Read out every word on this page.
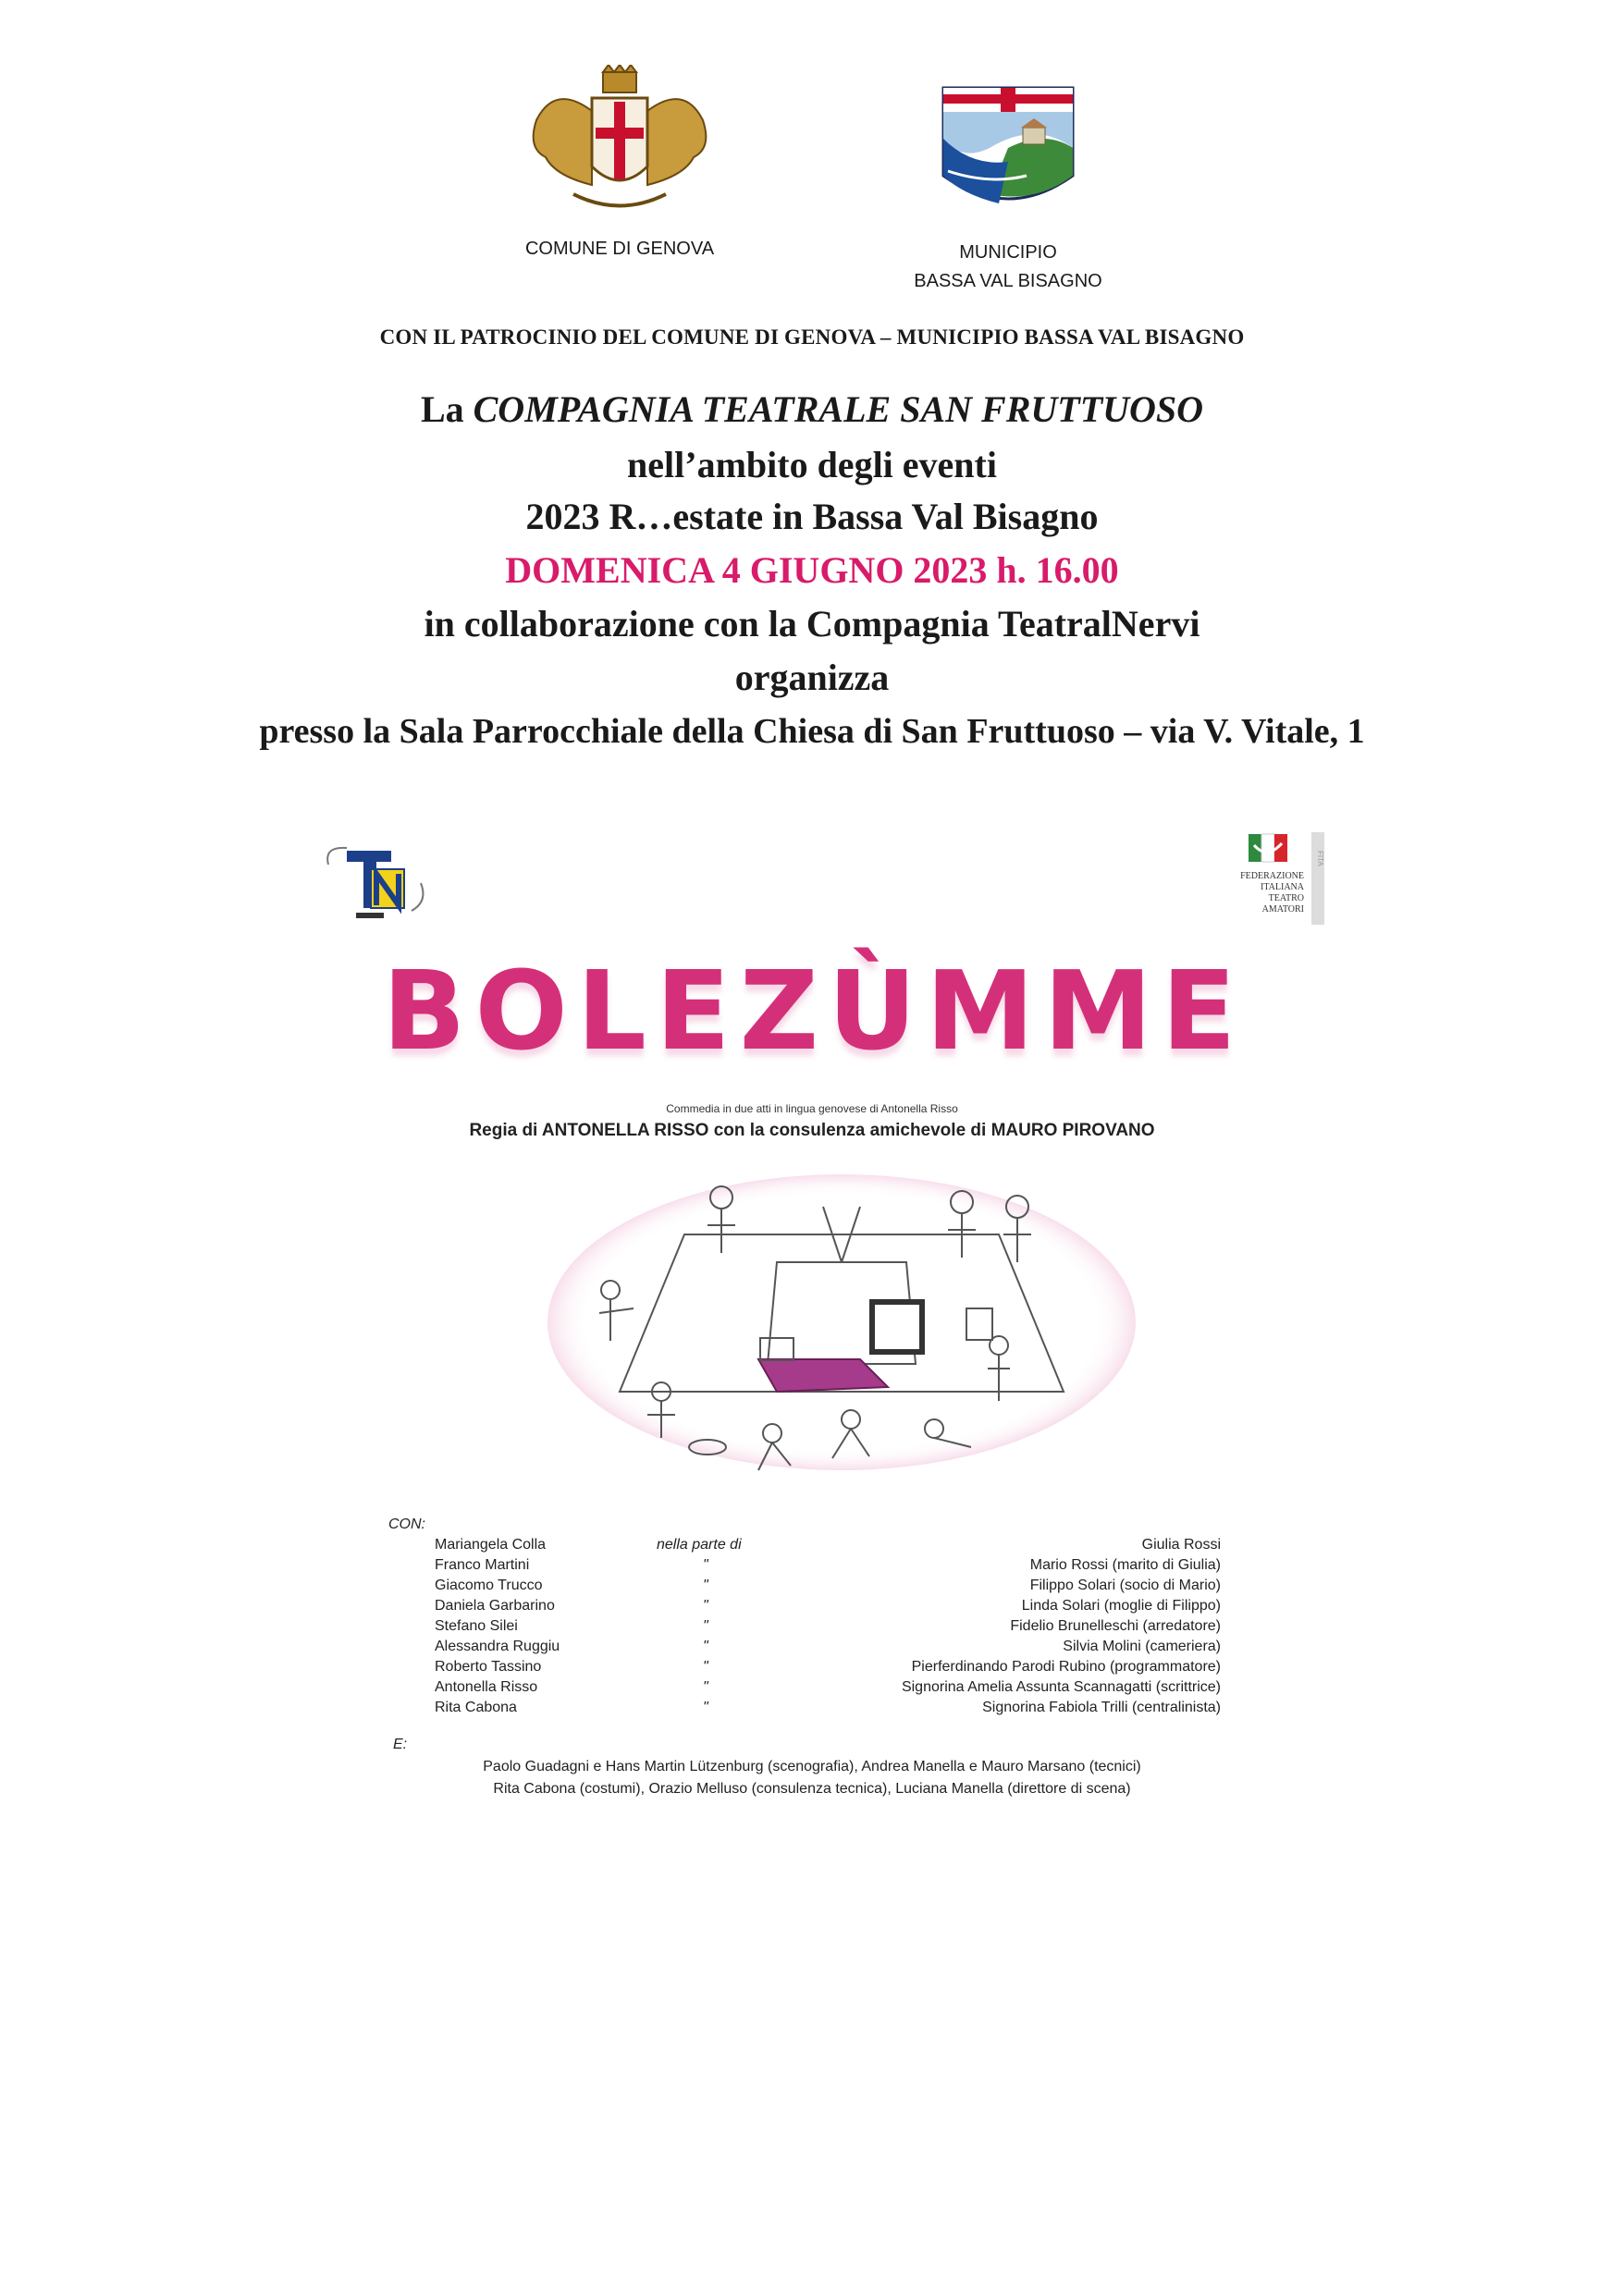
COMUNE DI GENOVA	MUNICIPIO
BASSA VAL BISAGNO
CON IL PATROCINIO DEL COMUNE DI GENOVA – MUNICIPIO BASSA VAL BISAGNO
La COMPAGNIA TEATRALE SAN FRUTTUOSO
nell’ambito degli eventi
2023 R…estate in Bassa Val Bisagno
DOMENICA 4 GIUGNO 2023 h. 16.00
in collaborazione con la Compagnia TeatralNervi
organizza
presso la Sala Parrocchiale della Chiesa di San Fruttuoso – via V. Vitale, 1
FITA
FEDERAZIONE
ITALIANA
TEATRO
AMATORI
BOLEZÙMME
Commedia in due atti in lingua genovese di Antonella Risso
Regia di ANTONELLA RISSO con la consulenza amichevole di MAURO PIROVANO
CON:
Mariangela Colla	nella parte di	Giulia Rossi
Franco Martini	"	Mario Rossi (marito di Giulia)
Giacomo Trucco	"	Filippo Solari (socio di Mario)
Daniela Garbarino	"	Linda Solari (moglie di Filippo)
Stefano Silei	"	Fidelio Brunelleschi (arredatore)
Alessandra Ruggiu	"	Silvia Molini (cameriera)
Roberto Tassino	"	Pierferdinando Parodi Rubino (programmatore)
Antonella Risso	"	Signorina Amelia Assunta Scannagatti (scrittrice)
Rita Cabona	"	Signorina Fabiola Trilli (centralinista)
E:
Paolo Guadagni e Hans Martin Lützenburg (scenografia), Andrea Manella e Mauro Marsano (tecnici)
Rita Cabona (costumi), Orazio Melluso (consulenza tecnica), Luciana Manella (direttore di scena)
